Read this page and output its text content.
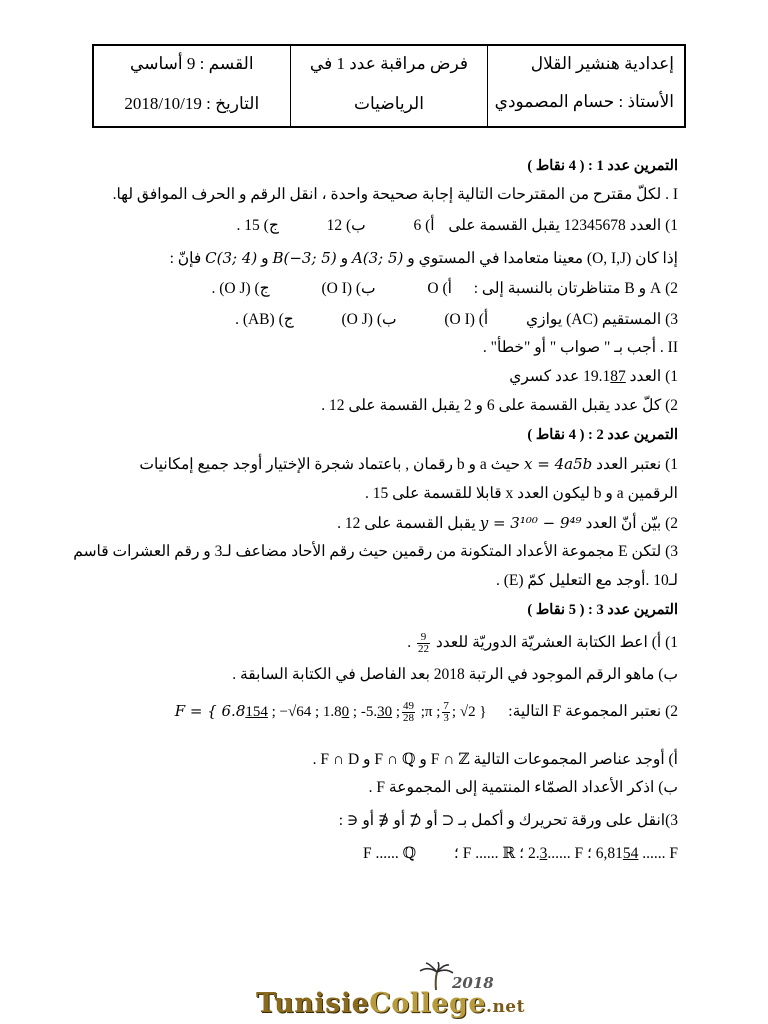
القسم : 9 أساسي
التاريخ : 2018/10/19
فرض مراقبة عدد 1 في
الرياضيات
إعدادية هنشير القلال
الأستاذ : حسام المصمودي
التمرين عدد 1 : ( 4 نقاط )
I . لكلّ مقترح من المقترحات التالية إجابة صحيحة واحدة ، انقل الرقم و الحرف الموافق لها.
1) العدد 12345678 يقبل القسمة على  أ) 6  ب) 12  ج) 15 .
إذا كان (O, I,J) معينا متعامدا في المستوي و A(3; 5) و B(−3; 5) و C(3; 4) فإنّ :
2) A و B متناظرتان بالنسبة إلى :  أ) O  ب) (O I)  ج) (O J) .
3) المستقيم (AC) يوازي  أ) (O I)  ب) (O J)  ج) (AB) .
II . أجب بـ " صواب " أو "خطأ" .
1) العدد 19.187 عدد كسري
2) كلّ عدد يقبل القسمة على 6 و 2 يقبل القسمة على 12 .
التمرين عدد 2 : ( 4 نقاط )
1) نعتبر العدد x = 4a5b حيث a و b رقمان , باعتماد شجرة الإختيار أوجد جميع إمكانيات
الرقمين a و b ليكون العدد x قابلا للقسمة على 15 .
2) بيّن أنّ العدد y = 3¹⁰⁰ − 9⁴⁹ يقبل القسمة على 12 .
3) لتكن E مجموعة الأعداد المتكونة من رقمين حيث رقم الأحاد مضاعف لـ3 و رقم العشرات قاسم
لـ10 .أوجد مع التعليل كمّ (E) .
التمرين عدد 3 : ( 5 نقاط )
1) أ) اعط الكتابة العشريّة الدوريّة للعدد
$\frac{9}{22}$
.
ب) ماهو الرقم الموجود في الرتبة 2018 بعد الفاصل في الكتابة السابقة .
2) نعتبر المجموعة F التالية:  F = { 6.8154 ; −√64 ; 1.80 ; -5.30 ; $\frac{49}{28}$ ;π ; $\frac{7}{3}$ ; √2 }
أ) أوجد عناصر المجموعات التالية F ∩ ℤ و F ∩ ℚ و F ∩ D .
ب) اذكر الأعداد الصمّاء المنتمية إلى المجموعة F .
3)انقل على ورقة تحريرك و أكمل بـ ⊂ أو ⊄ أو ∉ أو ∈ :
6,8154 ...... F ؛ 2.3...... F ؛ F ...... ℝ ؛  F ...... ℚ
2018
TunisieCollege.net
